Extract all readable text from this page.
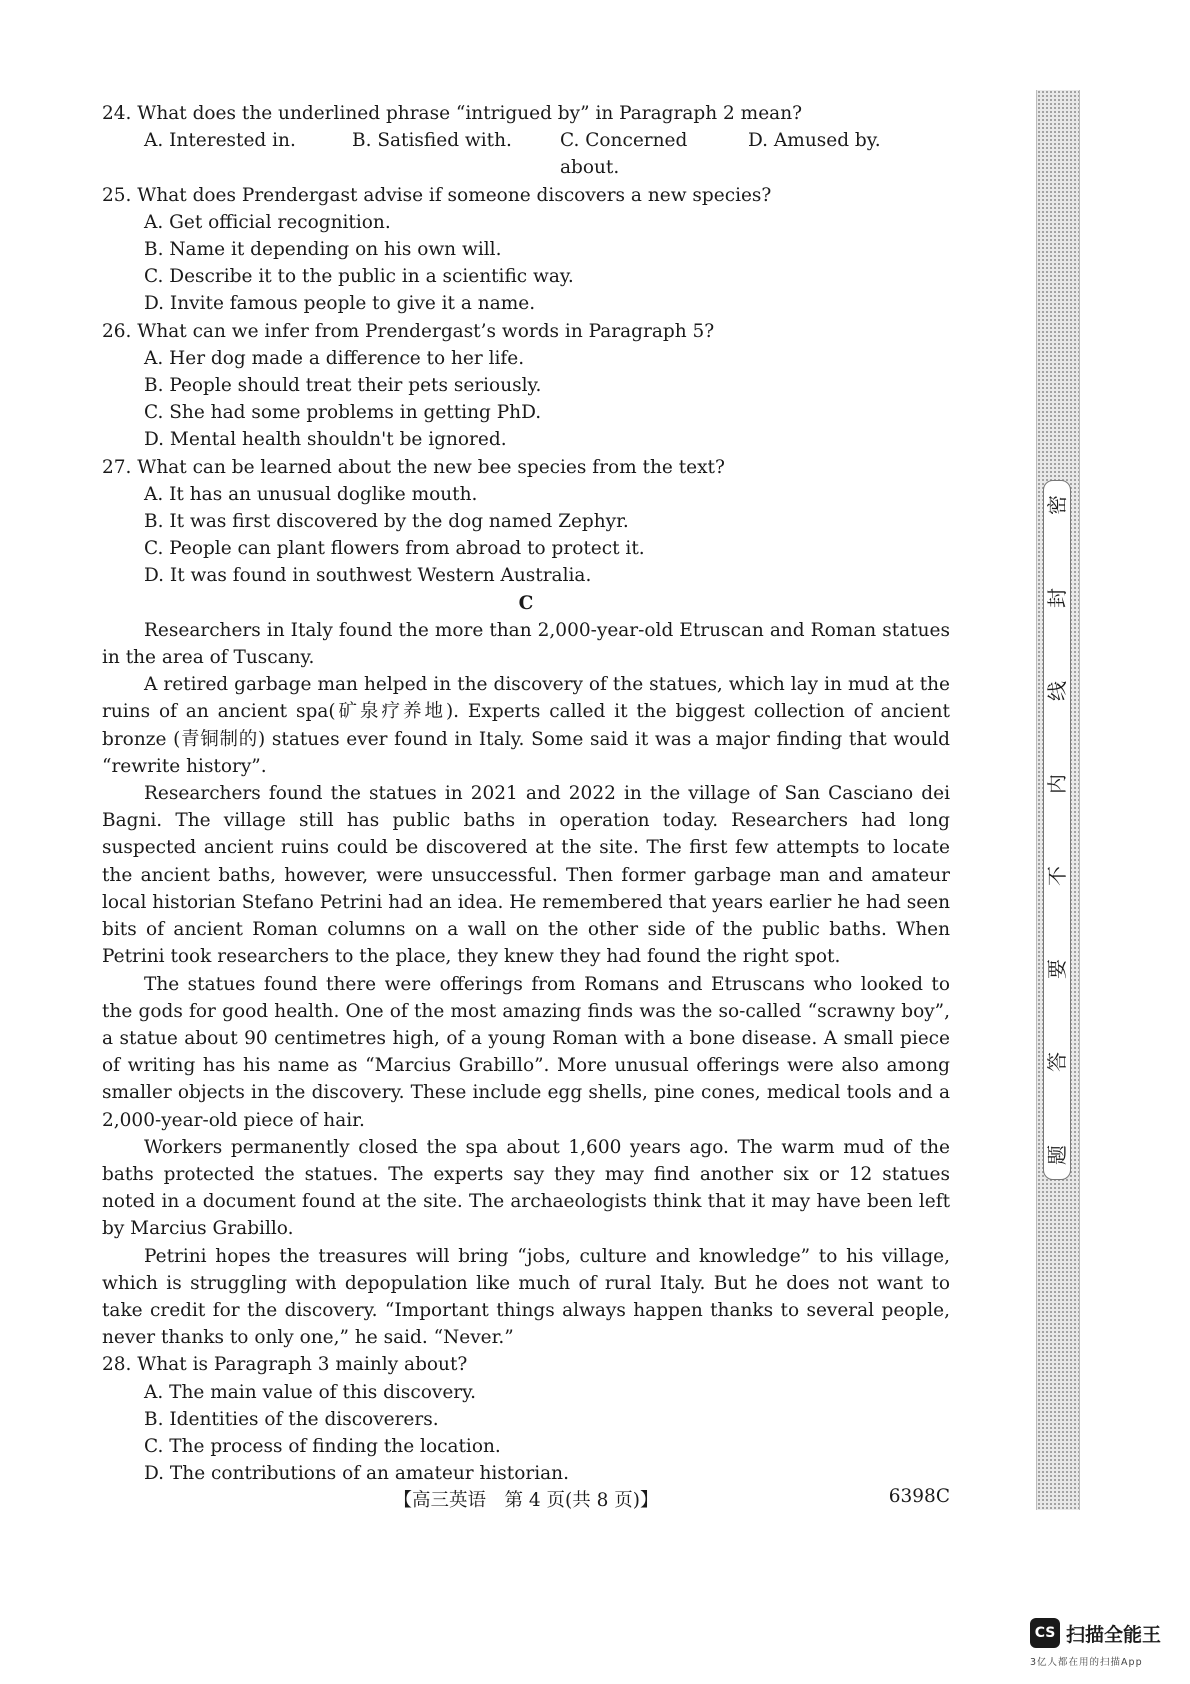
24. What does the underlined phrase “intrigued by” in Paragraph 2 mean?

A. Interested in.	B. Satisfied with.	C. Concerned about.
D. Amused by.

25. What does Prendergast advise if someone discovers a new species?

A. Get official recognition.

B. Name it depending on his own will.

C. Describe it to the public in a scientific way.

D. Invite famous people to give it a name.

26. What can we infer from Prendergast’s words in Paragraph 5?

A. Her dog made a difference to her life.

B. People should treat their pets seriously.

C. She had some problems in getting PhD.

D. Mental health shouldn't be ignored.

27. What can be learned about the new bee species from the text?

A. It has an unusual doglike mouth.

B. It was first discovered by the dog named Zephyr.

C. People can plant flowers from abroad to protect it.

D. It was found in southwest Western Australia.

C

Researchers in Italy found the more than 2,000-year-old Etruscan and Roman statues in the area of Tuscany.

A retired garbage man helped in the discovery of the statues, which lay in mud at the ruins of an ancient spa(矿泉疗养地). Experts called it the biggest collection of ancient bronze (青铜制的) statues ever found in Italy. Some said it was a major finding that would “rewrite history”.

Researchers found the statues in 2021 and 2022 in the village of San Casciano dei Bagni. The village still has public baths in operation today. Researchers had long suspected ancient ruins could be discovered at the site. The first few attempts to locate the ancient baths, however, were unsuccessful. Then former garbage man and amateur local historian Stefano Petrini had an idea. He remembered that years earlier he had seen bits of ancient Roman columns on a wall on the other side of the public baths. When Petrini took researchers to the place, they knew they had found the right spot.

The statues found there were offerings from Romans and Etruscans who looked to the gods for good health. One of the most amazing finds was the so-called “scrawny boy”, a statue about 90 centimetres high, of a young Roman with a bone disease. A small piece of writing has his name as “Marcius Grabillo”. More unusual offerings were also among smaller objects in the discovery. These include egg shells, pine cones, medical tools and a 2,000-year-old piece of hair.

Workers permanently closed the spa about 1,600 years ago. The warm mud of the baths protected the statues. The experts say they may find another six or 12 statues noted in a document found at the site. The archaeologists think that it may have been left by Marcius Grabillo.

Petrini hopes the treasures will bring “jobs, culture and knowledge” to his village, which is struggling with depopulation like much of rural Italy. But he does not want to take credit for the discovery. “Important things always happen thanks to several people, never thanks to only one,” he said. “Never.”

28. What is Paragraph 3 mainly about?

A. The main value of this discovery.

B. Identities of the discoverers.

C. The process of finding the location.

D. The contributions of an amateur historian.

【高三英语　第 4 页(共 8 页)】	6398C
密
封
线
内
不
要
答
题
CS 扫描全能王
3亿人都在用的扫描App
